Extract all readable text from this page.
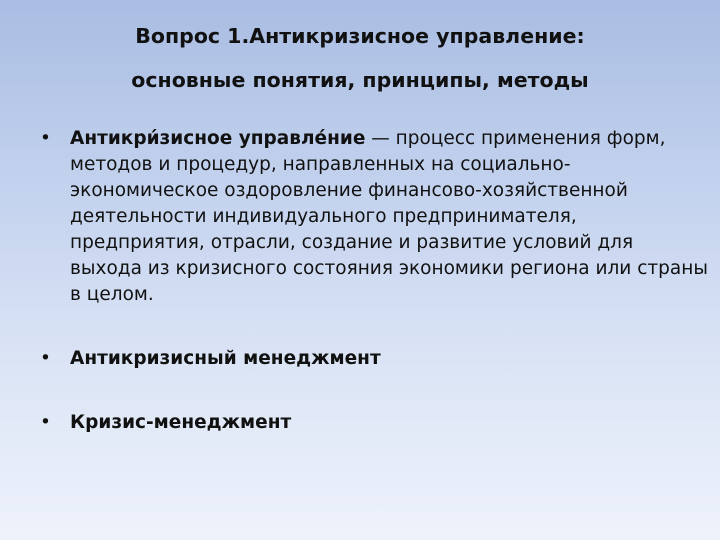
Вопрос 1.Антикризисное управление:
основные понятия, принципы, методы
• Антикри́зисное управле́ние — процесс применения форм, методов и процедур, направленных на социально-экономическое оздоровление финансово-хозяйственной деятельности индивидуального предпринимателя, предприятия, отрасли, создание и развитие условий для выхода из кризисного состояния экономики региона или страны в целом.
• Антикризисный менеджмент
• Кризис-менеджмент
